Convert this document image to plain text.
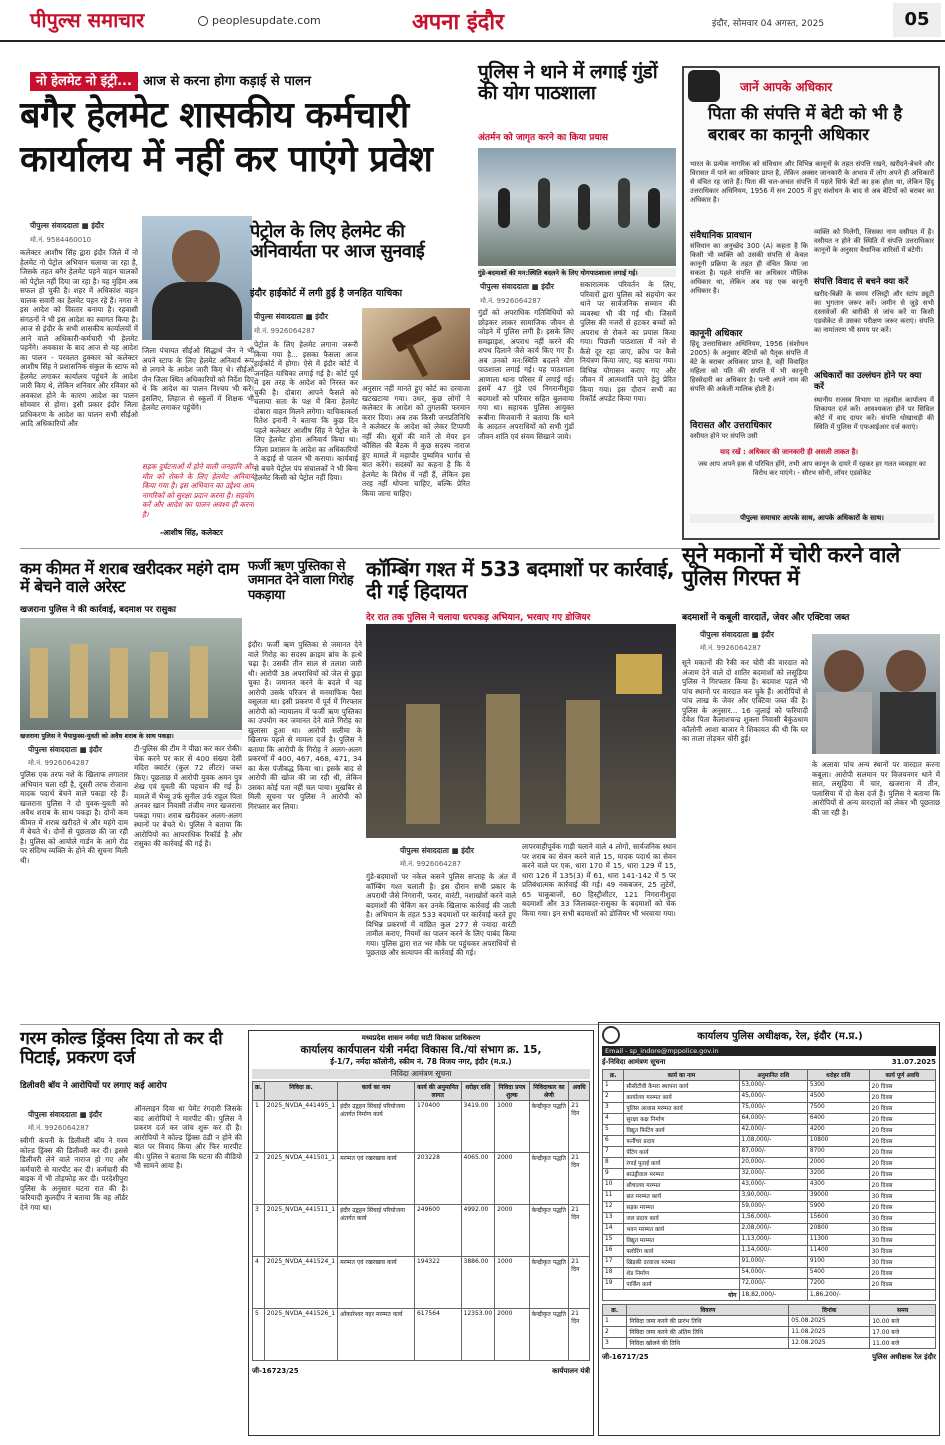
पीपुल्स समाचार	peoplesupdate.com	अपना इंदौर	इंदौर, सोमवार 04 अगस्त, 2025	05
नो हेलमेट नो इंट्री... आज से करना होगा कड़ाई से पालन
बगैर हेलमेट शासकीय कर्मचारी
कार्यालय में नहीं कर पाएंगे प्रवेश
पीपुल्स संवाददाता ■ इंदौर
मो.नं. 9584460010
कलेक्टर आशीष सिंह द्वारा इंदौर जिले में नो हेलमेट नो पेट्रोल अभियान चलाया जा रहा है, जिसके तहत बगैर हेलमेट पहने वाहन चालकों को पेट्रोल नहीं दिया जा रहा है। यह मुहिम अब सफल हो चुकी है। शहर में अधिकांश वाहन चालक सवारी का हेलमेट पहन रहे हैं। नगरा ने इस आदेश को विस्तार बनाया है। रहवासी संगठनों ने भी इस आदेश का स्वागत किया है। आज से इंदौर के सभी शासकीय कार्यालयों में आने वाले अधिकारी-कर्मचारी भी हेलमेट पहनेंगे। अवकाश के बाद आज से यह आदेश का पालन - परवलत हुक्कार को कलेक्टर आशीष सिंह ने प्रशासनिक संकुल के स्टाफ को हेलमेट लगाकर कार्यालय पहुंचने के आदेश जारी किए थे, लेकिन शनिवार और रविवार को अवकाश होने के कारण आदेश का पालन सोमवार से होगा। इसी प्रकार इंदौर जिला प्राधिकरण के आदेश का पालन सभी सीईओ आदि अधिकारियों और
जिला पंचायत सीईओ सिद्धार्थ जैन ने भी अपने स्टाफ के लिए हेलमेट अनिवार्य रूप से लगाने के आदेश जारी किए थे। सीईओ जैन जिला स्थित अधिकारियों को निर्देश दिए थे कि आदेश का पालन निश्चय भी करें। इसलिए, लिहाज से स्कूलों में शिक्षक भी हेलमेट लगाकर पहुंचेंगे।
सड़क दुर्घटनाओं में होने वाली जनहानि और मौत को रोकने के लिए हेलमेट अनिवार्य किया गया है। इस अभियान का उद्देश्य आम नागरिकों को सुरक्षा प्रदान करना है। सहयोग करें और आदेश का पालन अवश्य ही करना है।
-आशीष सिंह, कलेक्टर
पेट्रोल के लिए हेलमेट की अनिवार्यता पर आज सुनवाई
इंदौर हाईकोर्ट में लगी हुई है जनहित याचिका
पीपुल्स संवाददाता ■ इंदौर
मो.नं. 9926064287
पेट्रोल के लिए हेलमेट लगाना जरूरी किया गया है... इसका फैसला आज हाईकोर्ट में होगा। ऐसे में इंदौर कोर्ट में जनहित याचिका लगाई गई है। कोर्ट पूर्व में इस तरह के आदेश को निरस्त कर चुकी है। दोबारा आपने फैसले को चलाया सता के पक्ष में बिना हेलमेट दोबारा वाहन मिलने लगेगा। याचिकाकर्ता रितेश इनानी ने बताया कि कुछ दिन पहले कलेक्टर आशीष सिंह ने पेट्रोल के लिए हेलमेट होना अनिवार्य किया था। जिला प्रशासन के आदेश का अधिकारियों ने कड़ाई से पालन भी कराया। कार्यवाई से बचने पेट्रोल पंप संचालकों ने भी बिना हेलमेट किसी को पेट्रोल नहीं दिया।
अनुसार नहीं मानते हुए कोर्ट का दरवाजा खटखटाया गया। उधर, कुछ लोगों ने कलेक्टर के आदेश को तुगलकी फरमान करार दिया। अब तक किसी जनप्रतिनिधि ने कलेक्टर के आदेश को लेकर टिप्पणी नहीं की। सूत्रों की मानें तो मेयर इन कौंसिल की बैठक में कुछ सदस्य नाराज हुए मामले में महापौर पुष्यमित्र भार्गव से बात करेंगे। सदस्यों का कहना है कि ये हेलमेट के विरोध में नहीं हैं, लेकिन इस तरह नहीं थोपना चाहिए, बल्कि प्रेरित किया जाना चाहिए।
पुलिस ने थाने में लगाई गुंडों की योग पाठशाला
अंतर्मन को जागृत करने का किया प्रयास
गुंडे-बदमाशों की मन:स्थिति बदलने के लिए योगपाठशाला लगाई गई।
पीपुल्स संवाददाता ■ इंदौर
मो.नं. 9926064287
गुंडों को अपराधिक गतिविधियों को छोड़कर लाकर सामाजिक जीवन से जोड़ने में पुलिस लगी है। इसके लिए समझाइश, अपराध नहीं करने की शपथ दिलाने जैसे कार्य किए गए हैं। अब उनको मन:स्थिति बदलने योग पाठशाला लगाई गई। यह पाठशाला आणाला थाना परिसर में लगाई गई। इसमें 47 गुंडे एवं निगरानीशुदा बदमाशों को परिवार सहित बुलवाया गया था। सहायक पुलिस आयुक्त रूबीना मिजवानी ने बताया कि थाने के आदतन अपराधियों को सभी गुंडों जीवन शांति एवं संयम सिखाने जाये।
सकारात्मक परिवर्तन के लिए, परिवारों द्वारा पुलिस को सहयोग कर थाने पर सार्वजनिक सम्मान की व्यवस्था भी की गई थी। जिसमें पुलिस की नजरों से हटकर बच्चों को अपराध से रोकने का प्रयास किया गया। पिछली पाठशाला में नशे से कैसे दूर रहा जाए, क्रोध पर कैसे नियंत्रण किया जाए, यह बताया गया। विभिन्न योगासन कराए गए और जीवन में आत्मशांति पाने हेतु प्रेरित किया गया। इस दौरान सभी का रिकॉर्ड अपडेट किया गया।
जानें आपके अधिकार
पिता की संपत्ति में बेटी को भी है बराबर का कानूनी अधिकार
भारत के प्रत्येक नागरिक को संविधान और विभिन्न कानूनों के तहत संपत्ति रखने, खरीदने-बेचने और विरासत में पाने का अधिकार प्राप्त है, लेकिन अक्सर जानकारी के अभाव में लोग अपने ही अधिकारों से वंचित रह जाते हैं। पिता की चल-अचल संपत्ति में पहले सिर्फ बेटों का हक होता था, लेकिन हिंदू उत्तराधिकार अधिनियम, 1956 में सन 2005 में हुए संशोधन के बाद से अब बेटियों को बराबर का अधिकार है।
संवैधानिक प्रावधान
संविधान का अनुच्छेद 300 (A) कहता है कि किसी भी व्यक्ति को उसकी संपत्ति से केवल कानूनी प्रक्रिया के तहत ही वंचित किया जा सकता है। पहले संपत्ति का अधिकार मौलिक अधिकार था, लेकिन अब यह एक कानूनी अधिकार है।
कानूनी अधिकार
हिंदू उत्तराधिकार अधिनियम, 1956 (संशोधन 2005) के अनुसार बेटियों को पैतृक संपत्ति में बेटे के बराबर अधिकार प्राप्त है, वहीं विवाहित महिला को पति की संपत्ति में भी कानूनी हिस्सेदारी का अधिकार है। पत्नी अपने नाम की संपत्ति की अकेली मालिक होती है।
विरासत और उत्तराधिकार
वसीयत होने पर संपत्ति उसी
व्यक्ति को मिलेगी, जिसका नाम वसीयत में है। वसीयत न होने की स्थिति में संपत्ति उत्तराधिकार कानूनों के अनुसार वैधानिक वारिसों में बंटेगी।
संपत्ति विवाद से बचने क्या करें
खरीद-बिक्री के समय रजिस्ट्री और स्टांप ड्यूटी का भुगतान जरूर करें। जमीन से जुड़े सभी दस्तावेजों की बारीकी से जांच करें या किसी एडवोकेट से उसका परीक्षण जरूर कराएं। संपत्ति का नामांतरण भी समय पर करें।
अधिकारों का उल्लंघन होने पर क्या करें
स्थानीय राजस्व विभाग या तहसील कार्यालय में शिकायत दर्ज करें। आवश्यकता होने पर सिविल कोर्ट में वाद दायर करें। संपत्ति धोखाधड़ी की स्थिति में पुलिस में एफआईआर दर्ज कराएं।
याद रखें : अधिकार की जानकारी ही असली ताकत है।
जब आप अपने हक से परिचित होंगे, तभी आप कानून के दायरे में रहकर हर गलत व्यवहार का विरोध कर पाएंगे। - सौरभ सोनी, लॉयर एडवोकेट
पीपुल्स समाचार आपके साथ, आपके अधिकारों के साथ।
कम कीमत में शराब खरीदकर महंगे दाम में बेचने वाले अरेस्ट
खजराना पुलिस ने की कार्रवाई, बदमाश पर रासुका
खजराना पुलिस ने भैयाफुस्स-युवती को अवैध शराब के साथ पकड़ा।
पीपुल्स संवाददाता ■ इंदौर
मो.नं. 9926064287
पुलिस एक तरफ नशे के खिलाफ लगातार अभियान चला रही है, दूसरी तरफ रोजाना मादक पदार्थ बेचने वाले पकड़ा रहे हैं। खजराना पुलिस ने दो युवक-युवती को अवैध शराब के साथ पकड़ा है। दोनों कम कीमत में शराब खरीदते थे और महंगे दाम में बेचते थे। दोनों से पूछताछ की जा रही है। पुलिस को आयोले गार्डन के आगे रोड पर संदिग्ध व्यक्ति के होने की सूचना मिली थी।
टी-पुलिस की टीम ने पीछा कर कार रोकी। चेक करने पर कार से 400 संख्या देसी मदिरा क्वार्टर (कुल 72 लीटर) जब्त किए। पूछताछ में आरोपी युवक अमन पुत्र शेख एवं युवती की पहचान की गई है। मामले में भैय्यू उर्फ सुनील उर्फ राहुल पिता अनवर खान निवासी तंजीम नगर खजराना पकड़ा गया। शराब खरीदकर अलग-अलग स्थानों पर बेचते थे। पुलिस ने बताया कि आरोपियों का आपराधिक रिकॉर्ड है और रासुका की कार्रवाई की गई है।
फर्जी ऋण पुस्तिका से जमानत देने वाला गिरोह पकड़ाया
इंदौर। फर्जी ऋण पुस्तिका से जमानत देने वाले गिरोह का सदस्य क्राइम ब्रांच के हत्थे चढ़ा है। उसकी तीन साल से तलाश जारी थी। आरोपी 38 अपराधियों को जेल से छुड़ा चुका है। जमानत करने के बदले में वह आरोपी उसके परिजन से मनमाफिक पैसा वसूलता था। इसी प्रकरण में पूर्व में गिरफ्तार आरोपी को न्यायालय में फर्जी ऋण पुस्तिका का उपयोग कर जमानत देने वाले गिरोह का खुलासा हुआ था। आरोपी सलीमा के खिलाफ पहले से मामला दर्ज है। पुलिस ने बताया कि आरोपी के गिरोह ने अलग-अलग प्रकरणों में 400, 467, 468, 471, 34 का केस पंजीबद्ध किया था। इसके बाद से आरोपी की खोज की जा रही थी, लेकिन उसका कोई पता नहीं चल पाया। मुखबिर से मिली सूचना पर पुलिस ने आरोपी को गिरफ्तार कर लिया।
कॉम्बिंग गश्त में 533 बदमाशों पर कार्रवाई, दी गई हिदायत
देर रात तक पुलिस ने चलाया धरपकड़ अभियान, भरवाए गए डोजियर
पीपुल्स संवाददाता ■ इंदौर
मो.नं. 9926064287
गुंडे-बदमाशों पर नकेल कसने पुलिस सप्ताह के अंत में कॉम्बिंग गश्त चलाती है। इस दौरान सभी प्रकार के अपराधी जैसे निगरानी, फरार, वारंटी, नशाखोरों करने वाले बदमाशों की चेकिंग कर उनके खिलाफ कार्रवाई की जाती है। अभियान के तहत 533 बदमाशों पर कार्रवाई करते हुए विभिन्न प्रकरणों में वांछित कुल 277 से ज्यादा वारंटी तामील कराए, नियमों का पालन करने के लिए पाबंद किया गया। पुलिस द्वारा रात भर मौके पर पहुंचकर अपराधियों से पूछताछ और सत्यापन की कार्रवाई की गई।
लापरवाहीपूर्वक गाड़ी चलाने वाले 4 लोगों, सार्वजनिक स्थान पर शराब का सेवन करने वाले 15, मादक पदार्थ का सेवन करने वाले पर एक, धारा 170 में 15, धारा 129 में 15, धारा 126 में 135(3) में 61, धारा 141-142 में 5 पर प्रतिबंधात्मक कार्रवाई की गई। 49 नकबजन, 25 लुटेरों, 65 चाकूबाजों, 60 हिस्ट्रीशीटर, 121 निगरानीशुदा बदमाशों और 33 जिलाबदर-रासुका के बदमाशों को चेक किया गया। इन सभी बदमाशों को डोजियर भी भरवाया गया।
सूने मकानों में चोरी करने वाले पुलिस गिरफ्त में
बदमाशों ने कबूली वारदातें, जेवर और एक्टिवा जब्त
पीपुल्स संवाददाता ■ इंदौर
मो.नं. 9926064287
सूने मकानों की रैकी कर चोरी की वारदात को अंजाम देने वाले दो शातिर बदमाशों को लसूड़िया पुलिस ने गिरफ्तार किया है। बदमाश पहले भी पांच स्थानों पर वारदात कर चुके हैं। आरोपियों से पांच लाख के जेवर और एक्टिवा जब्त की है। पुलिस के अनुसार... 16 जुलाई को फरियादी देवेश पिता कैलाशचन्द्र शुक्ला निवासी बैकुंठधाम कॉलोनी आशा बाजार ने शिकायत की थी कि घर का ताला तोड़कर चोरी हुई।
के अलावा पांच अन्य स्थानों पर वारदात करना कबूला। आरोपी सलमान पर विजयनगर थाने में सात, लसूड़िया में चार, खजराना में तीन, पलासिया में दो केस दर्ज हैं। पुलिस ने बताया कि आरोपियों से अन्य वारदातों को लेकर भी पूछताछ की जा रही है।
गरम कोल्ड ड्रिंक्स दिया तो कर दी पिटाई, प्रकरण दर्ज
डिलीवरी बॉय ने आरोपियों पर लगाए कई आरोप
पीपुल्स संवाददाता ■ इंदौर
मो.नं. 9926064287
स्वीगी कंपनी के डिलीवरी बॉय ने गरम कोल्ड ड्रिंक्स की डिलीवरी कर दी। इससे डिलीवरी लेने वाले नाराज हो गए और कर्मचारी से मारपीट कर दी। कर्मचारी की बाइक में भी तोड़फोड़ कर दी। परदेशीपुरा पुलिस के अनुसार घटना रात की है। फरियादी कुलदीप ने बताया कि वह ऑर्डर देने गया था।
ऑनलाइन दिया था पेमेंट रंगदारी जिसके बाद आरोपियों ने मारपीट की। पुलिस ने प्रकरण दर्ज कर जांच शुरू कर दी है। आरोपियों ने कोल्ड ड्रिंक्स ठंडी न होने की बात पर विवाद किया और फिर मारपीट की। पुलिस ने बताया कि घटना की वीडियो भी सामने आया है।
मध्यप्रदेश शासन नर्मदा घाटी विकास प्राधिकरण
कार्यालय कार्यपालन यंत्री नर्मदा विकास वि./यां संभाग क्र. 15,
ई-1/7, नर्मदा कॉलोनी, स्कीम नं. 78 विजय नगर, इंदौर (म.प्र.)
निविदा आमंत्रण सूचना
क्र.	निविदा क्र.	कार्य का नाम	कार्य की अनुमानित लागत	धरोहर राशि	निविदा प्रपत्र शुल्क	निविदाकार का श्रेणी	अवधि
1	2025_NVDA_441495_1	इंदौर उद्वहन सिंचाई परियोजना अंतर्गत निर्माण कार्य	170400	3419.00	1000	केन्द्रीकृत पद्धति	21 दिन
2	2025_NVDA_441501_1	मरम्मत एवं रखरखाव कार्य	203228	4065.00	2000	केन्द्रीकृत पद्धति	21 दिन
3	2025_NVDA_441511_1	इंदौर उद्वहन सिंचाई परियोजना अंतर्गत कार्य	249600	4992.00	2000	केन्द्रीकृत पद्धति	21 दिन
4	2025_NVDA_441524_1	मरम्मत एवं रखरखाव कार्य	194322	3886.00	1000	केन्द्रीकृत पद्धति	21 दिन
5	2025_NVDA_441526_1	ओंकारेश्वर नहर मरम्मत कार्य	617564	12353.00	2000	केन्द्रीकृत पद्धति	21 दिन
जी-16723/25	कार्यपालन यंत्री
कार्यालय पुलिस अधीक्षक, रेल, इंदौर (म.प्र.)
Email - sp_indore@mppolice.gov.in
ई-निविदा आमंत्रण सूचना	31.07.2025
क्र.	कार्य का नाम	अनुमानित राशि	धरोहर राशि	कार्य पूर्ण अवधि
1	सीसीटीवी कैमरा स्थापना कार्य	53,000/-	5300	20 दिवस
2	कार्यालय मरम्मत कार्य	45,000/-	4500	20 दिवस
3	पुलिस आवास मरम्मत कार्य	75,000/-	7500	20 दिवस
4	सुरक्षा कक्ष निर्माण	64,000/-	6400	20 दिवस
5	विद्युत फिटिंग कार्य	42,000/-	4200	20 दिवस
6	फर्नीचर प्रदाय	1,08,000/-	10800	20 दिवस
7	पेंटिंग कार्य	87,000/-	8700	20 दिवस
8	रंगाई पुताई कार्य	20,000/-	2000	20 दिवस
9	बाउंड्रीवाल मरम्मत	32,000/-	3200	20 दिवस
10	शौचालय मरम्मत	43,000/-	4300	20 दिवस
11	छत मरम्मत कार्य	3,90,000/-	39000	30 दिवस
12	सड़क मरम्मत	59,000/-	5900	20 दिवस
13	जल प्रदाय कार्य	1,56,000/-	15600	30 दिवस
14	भवन मरम्मत कार्य	2,08,000/-	20800	30 दिवस
15	विद्युत मरम्मत	1,13,000/-	11300	30 दिवस
16	फ्लोरिंग कार्य	1,14,000/-	11400	30 दिवस
17	खिड़की दरवाजा मरम्मत	91,000/-	9100	30 दिवस
18	शेड निर्माण	54,000/-	5400	20 दिवस
19	पार्किंग कार्य	72,000/-	7200	20 दिवस
योग		18,82,000/-	1,86,200/-	
क्र.	विवरण	दिनांक	समय
1	निविदा जमा करने की प्रारंभ तिथि	05.08.2025	10.00 बजे
2	निविदा जमा करने की अंतिम तिथि	11.08.2025	17.00 बजे
3	निविदा खोलने की तिथि	12.08.2025	11.00 बजे
जी-16717/25	पुलिस अधीक्षक रेल इंदौर
